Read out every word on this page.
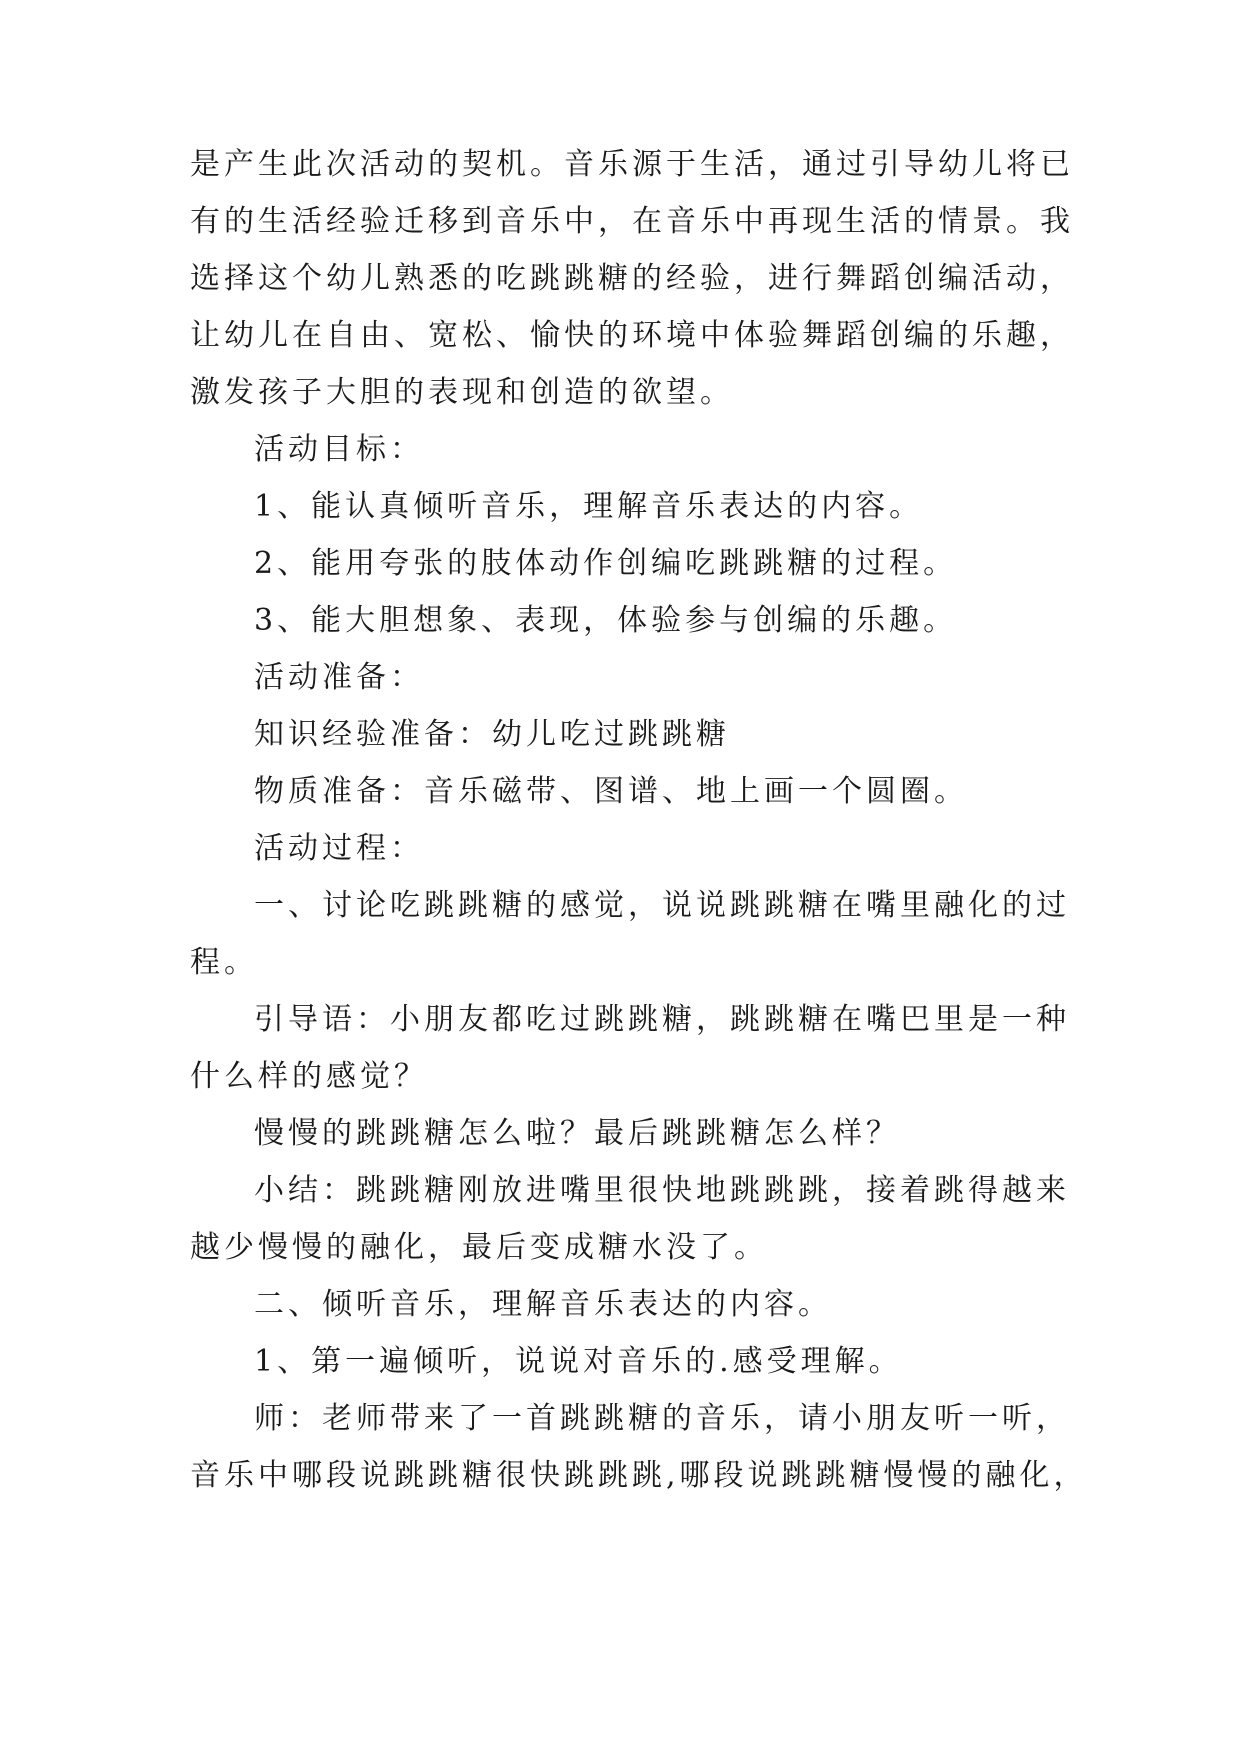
是产生此次活动的契机。音乐源于生活，通过引导幼儿将已
有的生活经验迁移到音乐中，在音乐中再现生活的情景。我
选择这个幼儿熟悉的吃跳跳糖的经验，进行舞蹈创编活动，
让幼儿在自由、宽松、愉快的环境中体验舞蹈创编的乐趣，
激发孩子大胆的表现和创造的欲望。
活动目标：
1、能认真倾听音乐，理解音乐表达的内容。
2、能用夸张的肢体动作创编吃跳跳糖的过程。
3、能大胆想象、表现，体验参与创编的乐趣。
活动准备：
知识经验准备：幼儿吃过跳跳糖
物质准备：音乐磁带、图谱、地上画一个圆圈。
活动过程：
一、讨论吃跳跳糖的感觉，说说跳跳糖在嘴里融化的过
程。
引导语：小朋友都吃过跳跳糖，跳跳糖在嘴巴里是一种
什么样的感觉？
慢慢的跳跳糖怎么啦？最后跳跳糖怎么样？
小结：跳跳糖刚放进嘴里很快地跳跳跳，接着跳得越来
越少慢慢的融化，最后变成糖水没了。
二、倾听音乐，理解音乐表达的内容。
1、第一遍倾听，说说对音乐的.感受理解。
师：老师带来了一首跳跳糖的音乐，请小朋友听一听，
音乐中哪段说跳跳糖很快跳跳跳,哪段说跳跳糖慢慢的融化，
